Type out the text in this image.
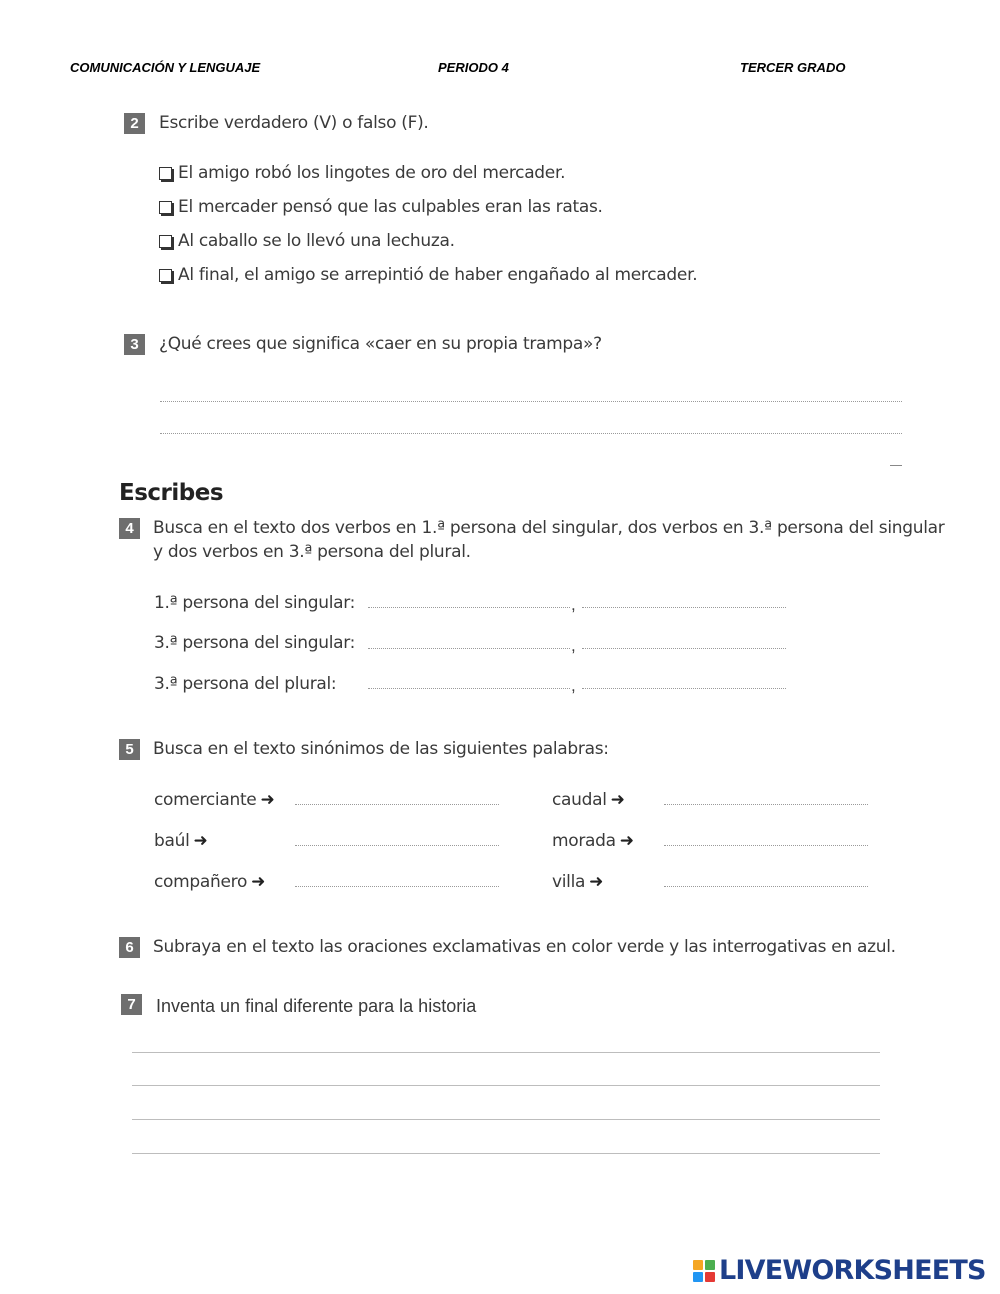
COMUNICACIÓN Y LENGUAJE	PERIODO 4	TERCER GRADO
2	Escribe verdadero (V) o falso (F).
El amigo robó los lingotes de oro del mercader.
El mercader pensó que las culpables eran las ratas.
Al caballo se lo llevó una lechuza.
Al final, el amigo se arrepintió de haber engañado al mercader.
3	¿Qué crees que significa «caer en su propia trampa»?
Escribes
4	Busca en el texto dos verbos en 1.ª persona del singular, dos verbos en 3.ª persona del singular
y dos verbos en 3.ª persona del plural.
1.ª persona del singular:	,
3.ª persona del singular:	,
3.ª persona del plural:	,
5	Busca en el texto sinónimos de las siguientes palabras:
comerciante ➜	caudal ➜
baúl ➜	morada ➜
compañero ➜	villa ➜
6	Subraya en el texto las oraciones exclamativas en color verde y las interrogativas en azul.
7	Inventa un final diferente para la historia
LIVEWORKSHEETS
